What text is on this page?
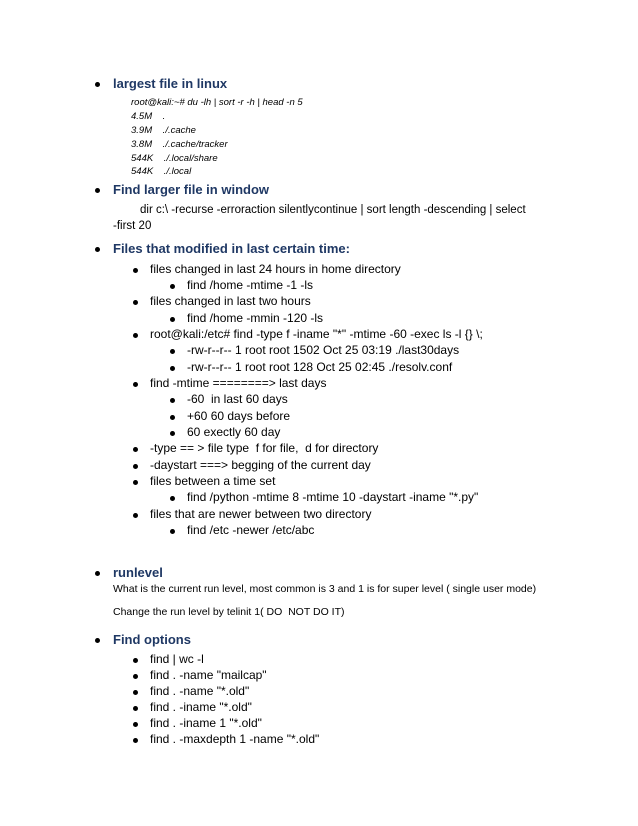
largest file in linux
root@kali:~# du -lh | sort -r -h | head -n 5
4.5M    .
3.9M    ./.cache
3.8M    ./.cache/tracker
544K    ./.local/share
544K    ./.local
Find larger file in window
dir c:\ -recurse -erroraction silentlycontinue | sort length -descending | select
-first 20
Files that modified in last certain time:
files changed in last 24 hours in home directory
find /home -mtime -1 -ls
files changed in last two hours
find /home -mmin -120 -ls
root@kali:/etc# find -type f -iname "*" -mtime -60 -exec ls -l {} \;
-rw-r--r-- 1 root root 1502 Oct 25 03:19 ./last30days
-rw-r--r-- 1 root root 128 Oct 25 02:45 ./resolv.conf
find -mtime ========> last days
-60  in last 60 days
+60 60 days before
60 exectly 60 day
-type == > file type  f for file,  d for directory
-daystart ===> begging of the current day
files between a time set
find /python -mtime 8 -mtime 10 -daystart -iname "*.py"
files that are newer between two directory
find /etc -newer /etc/abc
runlevel
What is the current run level, most common is 3 and 1 is for super level ( single user mode)
Change the run level by telinit 1( DO  NOT DO IT)
Find options
find | wc -l
find . -name "mailcap"
find . -name "*.old"
find . -iname "*.old"
find . -iname 1 "*.old"
find . -maxdepth 1 -name "*.old"
